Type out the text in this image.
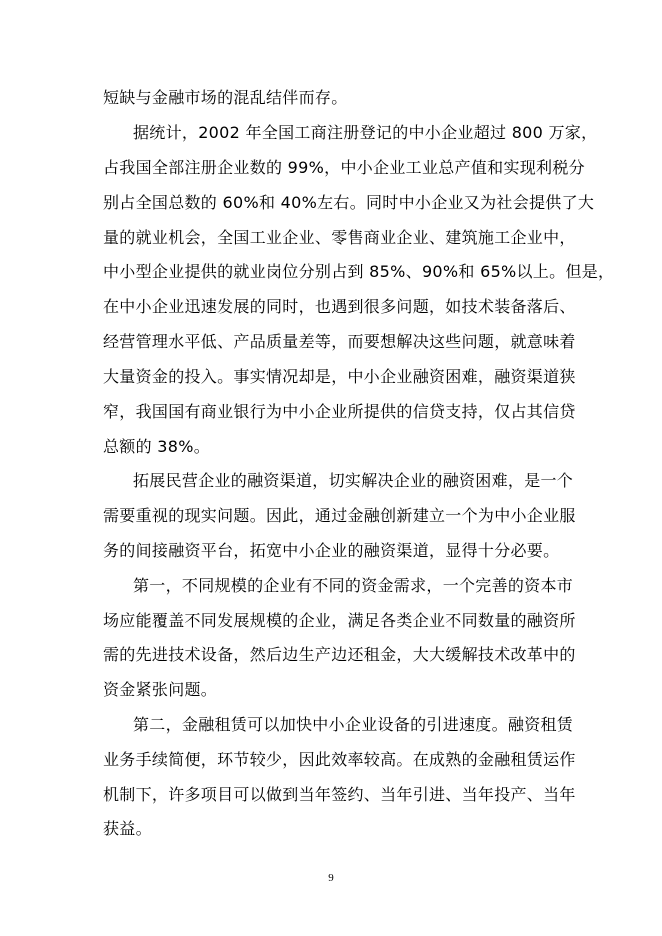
短缺与金融市场的混乱结伴而存。
据统计，2002 年全国工商注册登记的中小企业超过 800 万家，
占我国全部注册企业数的 99%，中小企业工业总产值和实现利税分
别占全国总数的 60%和 40%左右。同时中小企业又为社会提供了大
量的就业机会，全国工业企业、零售商业企业、建筑施工企业中，
中小型企业提供的就业岗位分别占到 85%、90%和 65%以上。但是，
在中小企业迅速发展的同时，也遇到很多问题，如技术装备落后、
经营管理水平低、产品质量差等，而要想解决这些问题，就意味着
大量资金的投入。事实情况却是，中小企业融资困难，融资渠道狭
窄，我国国有商业银行为中小企业所提供的信贷支持，仅占其信贷
总额的 38%。
拓展民营企业的融资渠道，切实解决企业的融资困难，是一个
需要重视的现实问题。因此，通过金融创新建立一个为中小企业服
务的间接融资平台，拓宽中小企业的融资渠道，显得十分必要。
第一，不同规模的企业有不同的资金需求，一个完善的资本市
场应能覆盖不同发展规模的企业，满足各类企业不同数量的融资所
需的先进技术设备，然后边生产边还租金，大大缓解技术改革中的
资金紧张问题。
第二，金融租赁可以加快中小企业设备的引进速度。融资租赁
业务手续简便，环节较少，因此效率较高。在成熟的金融租赁运作
机制下，许多项目可以做到当年签约、当年引进、当年投产、当年
获益。
9
